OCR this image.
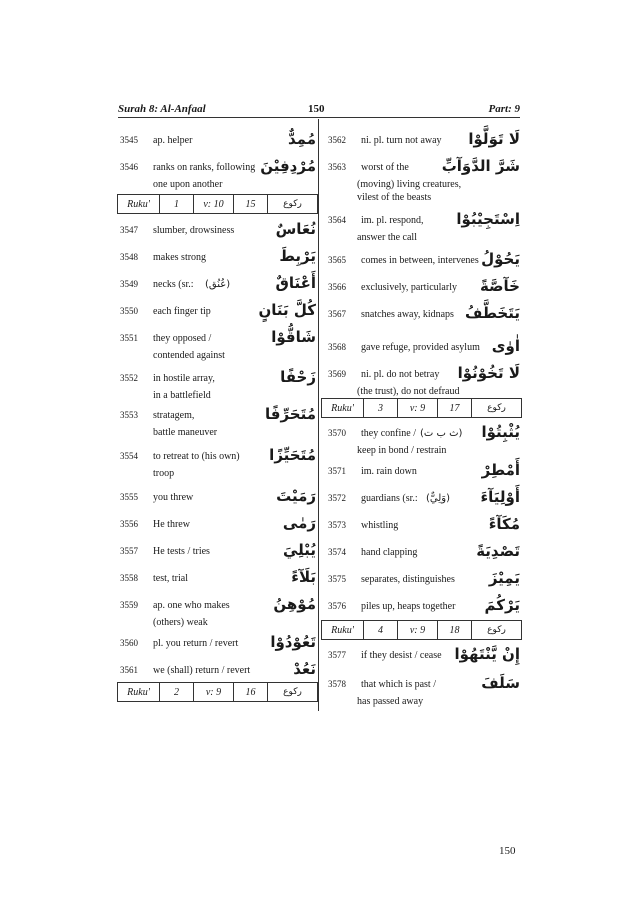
Surah 8: Al-Anfaal	150	Part: 9
3545 ap. helper	مُمِدٌّ
3546 ranks on ranks, following مُرْدِفِيْنَ
one upon another
Ruku'	1	v: 10	15	رکوع
3547 slumber, drowsiness	نُعَاسٌ
3548 makes strong	يَرْبِطَ
3549 necks (sr.: (عُنُق)	أَعْنَاقٌ
3550 each finger tip	كُلَّ بَنَانٍ
3551 they opposed /	شَاقُّوْا
contended against
3552 in hostile array,	زَحْفًا
in a battlefield
3553 stratagem,	مُتَحَرِّفًا
battle maneuver
3554 to retreat to (his own) مُتَحَيِّزًا
troop
3555 you threw	رَمَيْتَ
3556 He threw	رَمٰى
3557 He tests / tries	يُبْلِيَ
3558 test, trial	بَلَآءً
3559 ap. one who makes	مُوْهِنُ
(others) weak
3560 pl. you return / revert تَعُوْدُوْا
3561 we (shall) return / revert	نَعُدْ
Ruku'	2	v: 9	16	رکوع
3562 ni. pl. turn not away لَا تَوَلَّوْا
3563 worst of the شَرَّ الدَّوَآبِّ
(moving) living creatures,
vilest of the beasts
3564 im. pl. respond, اِسْتَجِيْبُوْا
answer the call
3565 comes in between, intervenes يَحُوْلُ
3566 exclusively, particularly خَآصَّةً
3567 snatches away, kidnaps يَتَخَطَّفُ
3568 gave refuge, provided asylum اٰوٰى
3569 ni. pl. do not betray لَا تَخُوْنُوْا
(the trust), do not defraud
Ruku'	3	v: 9	17	رکوع
3570 they confine / (ث ب ت) يُثْبِتُوْا
keep in bond / restrain
3571 im. rain down	أَمْطِرْ
3572 guardians (sr.: (وَلِيٌّ) أَوْلِيَآءَ
3573 whistling	مُكَآءً
3574 hand clapping	تَصْدِيَةً
3575 separates, distinguishes يَمِيْزَ
3576 piles up, heaps together يَرْكُمَ
Ruku'	4	v: 9	18	رکوع
3577 if they desist / cease إِنْ يَّنْتَهُوْا
3578 that which is past /	سَلَفَ
has passed away
150
